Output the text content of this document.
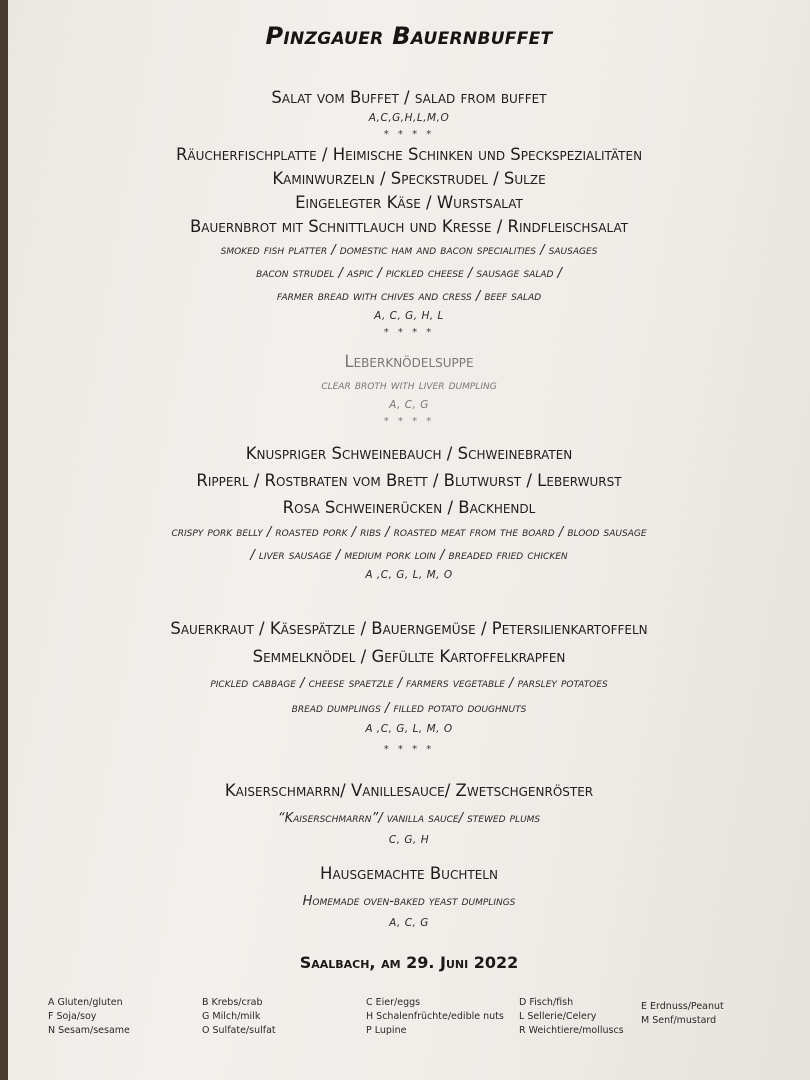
Pinzgauer Bauernbuffet
Salat vom Buffet / salad from buffet
A,C,G,H,L,M,O
* * * *
Räucherfischplatte / Heimische Schinken und Speckspezialitäten
Kaminwurzeln / Speckstrudel / Sulze
Eingelegter Käse / Wurstsalat
Bauernbrot mit Schnittlauch und Kresse / Rindfleischsalat
smoked fish platter / domestic ham and bacon specialities / sausages
bacon strudel / aspic / pickled cheese / sausage salad /
farmer bread with chives and cress / beef salad
A, C, G, H, L
* * * *
Leberknödelsuppe
clear broth with liver dumpling
A, C, G
* * * *
Knuspriger Schweinebauch / Schweinebraten
Ripperl / Rostbraten vom Brett / Blutwurst / Leberwurst
Rosa Schweinerücken / Backhendl
crispy pork belly / roasted pork / ribs / roasted meat from the board / blood sausage
/ liver sausage / medium pork loin / breaded fried chicken
A ,C, G, L, M, O
Sauerkraut / Käsespätzle / Bauerngemüse / Petersilienkartoffeln
Semmelknödel / Gefüllte Kartoffelkrapfen
pickled cabbage / cheese spaetzle / farmers vegetable / parsley potatoes
bread dumplings / filled potato doughnuts
A ,C, G, L, M, O
* * * *
Kaiserschmarrn/ Vanillesauce/ Zwetschgenröster
“Kaiserschmarrn”/ vanilla sauce/ stewed plums
C, G, H
Hausgemachte Buchteln
Homemade oven-baked yeast dumplings
A, C, G
Saalbach, am 29. Juni 2022
A Gluten/gluten
F Soja/soy
N Sesam/sesame
B Krebs/crab
G Milch/milk
O Sulfate/sulfat
C Eier/eggs
H Schalenfrüchte/edible nuts
P Lupine
D Fisch/fish
L Sellerie/Celery
R Weichtiere/molluscs
E Erdnuss/Peanut
M Senf/mustard
